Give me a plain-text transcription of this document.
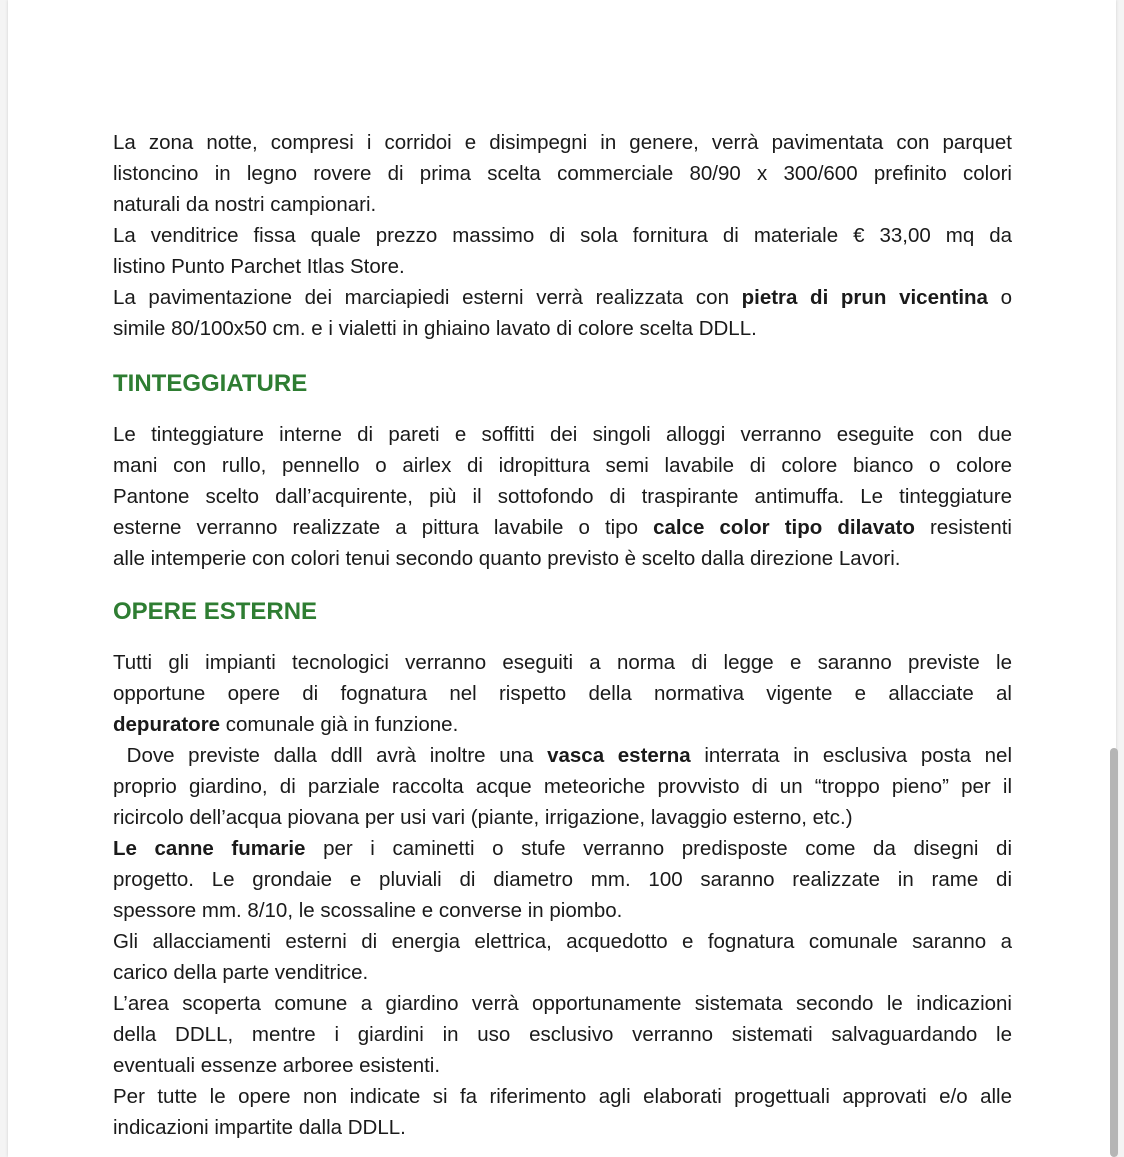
La zona notte, compresi i corridoi e disimpegni in genere, verrà pavimentata con parquet
listoncino in legno rovere di prima scelta commerciale 80/90 x 300/600 prefinito colori
naturali da nostri campionari.
La venditrice fissa quale prezzo massimo di sola fornitura di materiale € 33,00 mq da
listino Punto Parchet Itlas Store.
La pavimentazione dei marciapiedi esterni verrà realizzata con pietra di prun vicentina o
simile 80/100x50 cm. e i vialetti in ghiaino lavato di colore scelta DDLL.
TINTEGGIATURE
Le tinteggiature interne di pareti e soffitti dei singoli alloggi verranno eseguite con due
mani con rullo, pennello o airlex di idropittura semi lavabile di colore bianco o colore
Pantone scelto dall’acquirente, più il sottofondo di traspirante antimuffa. Le tinteggiature
esterne verranno realizzate a pittura lavabile o tipo calce color tipo dilavato resistenti
alle intemperie con colori tenui secondo quanto previsto è scelto dalla direzione Lavori.
OPERE ESTERNE
Tutti gli impianti tecnologici verranno eseguiti a norma di legge e saranno previste le
opportune opere di fognatura nel rispetto della normativa vigente e allacciate al
depuratore comunale già in funzione.
Dove previste dalla ddll avrà inoltre una vasca esterna interrata in esclusiva posta nel
proprio giardino, di parziale raccolta acque meteoriche provvisto di un “troppo pieno” per il
ricircolo dell’acqua piovana per usi vari (piante, irrigazione, lavaggio esterno, etc.)
Le canne fumarie per i caminetti o stufe verranno predisposte come da disegni di
progetto. Le grondaie e pluviali di diametro mm. 100 saranno realizzate in rame di
spessore mm. 8/10, le scossaline e converse in piombo.
Gli allacciamenti esterni di energia elettrica, acquedotto e fognatura comunale saranno a
carico della parte venditrice.
L’area scoperta comune a giardino verrà opportunamente sistemata secondo le indicazioni
della DDLL, mentre i giardini in uso esclusivo verranno sistemati salvaguardando le
eventuali essenze arboree esistenti.
Per tutte le opere non indicate si fa riferimento agli elaborati progettuali approvati e/o alle
indicazioni impartite dalla DDLL.
